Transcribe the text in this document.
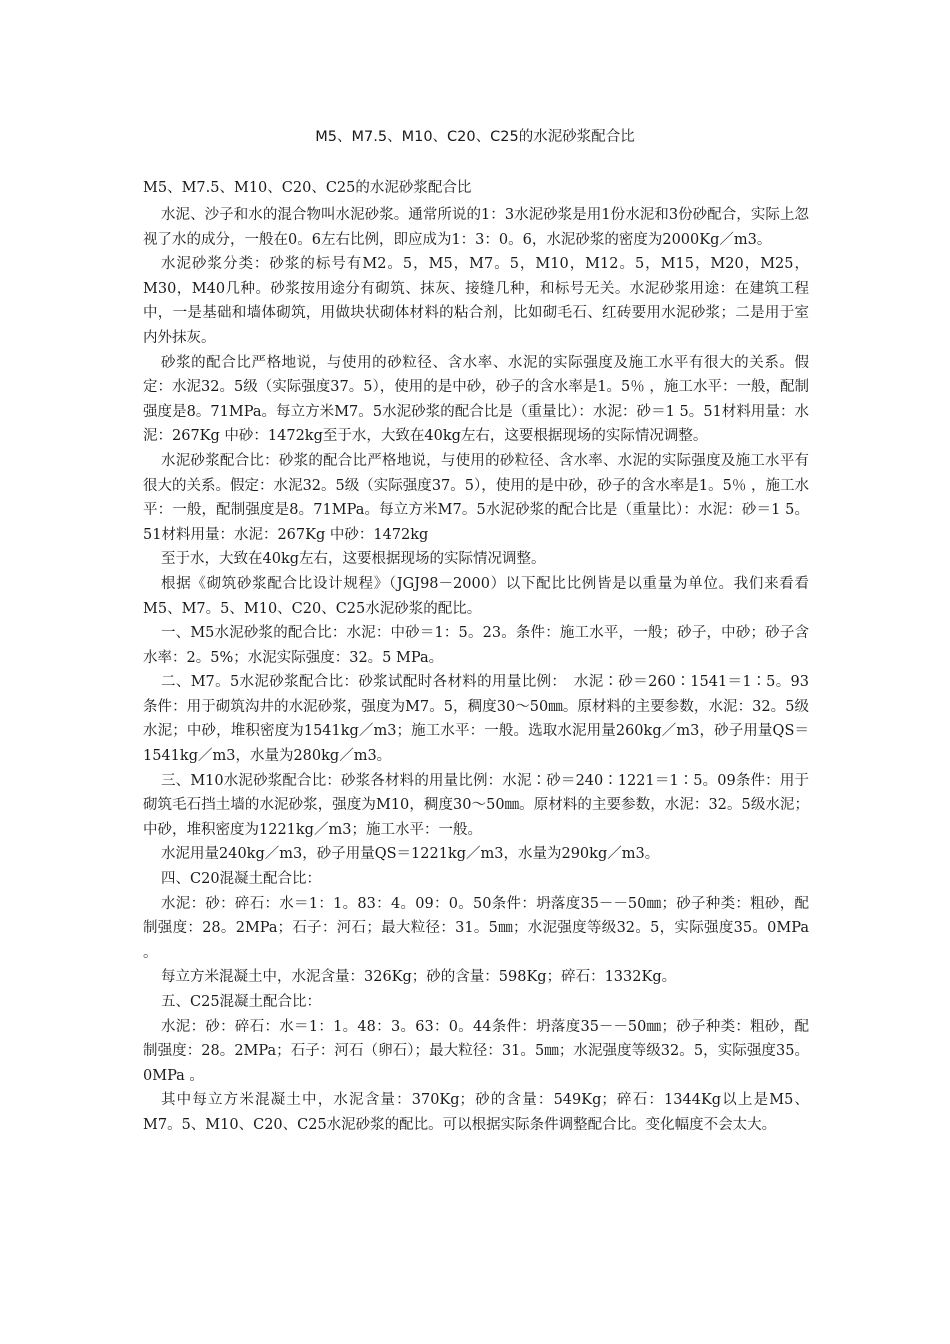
M5、M7.5、M10、C20、C25的水泥砂浆配合比
M5、M7.5、M10、C20、C25的水泥砂浆配合比

水泥、沙子和水的混合物叫水泥砂浆。通常所说的1：3水泥砂浆是用1份水泥和3份砂配合，实际上忽视了水的成分，一般在0。6左右比例，即应成为1：3：0。6，水泥砂浆的密度为2000Kg／m3。

水泥砂浆分类：砂浆的标号有M2。5，M5，M7。5，M10，M12。5，M15，M20，M25，M30，M40几种。砂浆按用途分有砌筑、抹灰、接缝几种，和标号无关。水泥砂浆用途：在建筑工程中，一是基础和墙体砌筑，用做块状砌体材料的粘合剂，比如砌毛石、红砖要用水泥砂浆；二是用于室内外抹灰。

砂浆的配合比严格地说，与使用的砂粒径、含水率、水泥的实际强度及施工水平有很大的关系。假定：水泥32。5级（实际强度37。5），使用的是中砂，砂子的含水率是1。5％ ，施工水平：一般，配制强度是8。71MPa。每立方米M7。5水泥砂浆的配合比是（重量比）：水泥：砂＝1 5。51材料用量：水泥：267Kg 中砂：1472kg至于水，大致在40kg左右，这要根据现场的实际情况调整。

水泥砂浆配合比：砂浆的配合比严格地说，与使用的砂粒径、含水率、水泥的实际强度及施工水平有很大的关系。假定：水泥32。5级（实际强度37。5），使用的是中砂，砂子的含水率是1。5％ ，施工水平：一般，配制强度是8。71MPa。每立方米M7。5水泥砂浆的配合比是（重量比）：水泥：砂＝1 5。51材料用量：水泥：267Kg 中砂：1472kg

至于水，大致在40kg左右，这要根据现场的实际情况调整。

根据《砌筑砂浆配合比设计规程》（JGJ98－2000）以下配比比例皆是以重量为单位。我们来看看M5、M7。5、M10、C20、C25水泥砂浆的配比。

一、M5水泥砂浆的配合比：水泥：中砂＝1：5。23。条件：施工水平，一般；砂子，中砂；砂子含水率：2。5%；水泥实际强度：32。5 MPa。

二、M7。5水泥砂浆配合比：砂浆试配时各材料的用量比例：　水泥∶砂＝260∶1541＝1∶5。93条件：用于砌筑沟井的水泥砂浆，强度为M7。5，稠度30～50㎜。原材料的主要参数，水泥：32。5级水泥；中砂，堆积密度为1541kg／m3；施工水平：一般。选取水泥用量260kg／m3，砂子用量QS＝1541kg／m3，水量为280kg／m3。

三、M10水泥砂浆配合比：砂浆各材料的用量比例：水泥∶砂＝240∶1221＝1∶5。09条件：用于砌筑毛石挡土墙的水泥砂浆，强度为M10，稠度30～50㎜。原材料的主要参数，水泥：32。5级水泥；中砂，堆积密度为1221kg／m3；施工水平：一般。

水泥用量240kg／m3，砂子用量QS＝1221kg／m3，水量为290kg／m3。

四、C20混凝土配合比：

水泥：砂：碎石：水＝1：1。83：4。09：0。50条件：坍落度35－－50㎜；砂子种类：粗砂，配制强度：28。2MPa；石子：河石；最大粒径：31。5㎜；水泥强度等级32。5，实际强度35。0MPa 。

每立方米混凝土中，水泥含量：326Kg；砂的含量：598Kg；碎石：1332Kg。

五、C25混凝土配合比：

水泥：砂：碎石：水＝1：1。48：3。63：0。44条件：坍落度35－－50㎜；砂子种类：粗砂，配制强度：28。2MPa；石子：河石（卵石）；最大粒径：31。5㎜；水泥强度等级32。5，实际强度35。0MPa 。

其中每立方米混凝土中，水泥含量：370Kg；砂的含量：549Kg；碎石：1344Kg以上是M5、M7。5、M10、C20、C25水泥砂浆的配比。可以根据实际条件调整配合比。变化幅度不会太大。
